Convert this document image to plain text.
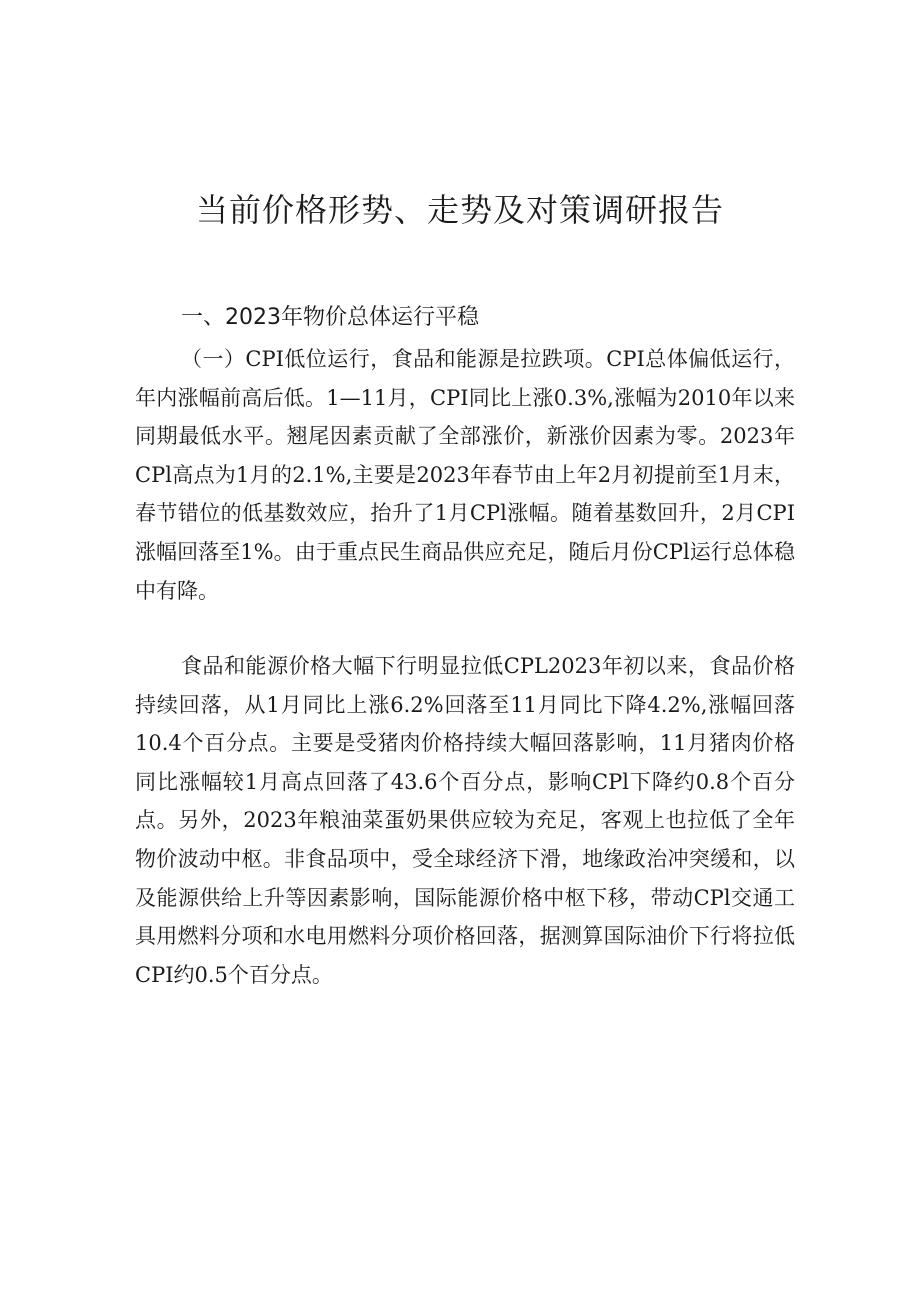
当前价格形势、走势及对策调研报告
一、2023年物价总体运行平稳

（一）CPI低位运行，食品和能源是拉跌项。CPI总体偏低运行，年内涨幅前高后低。1—11月，CPI同比上涨0.3%,涨幅为2010年以来同期最低水平。翘尾因素贡献了全部涨价，新涨价因素为零。2023年CPl高点为1月的2.1%,主要是2023年春节由上年2月初提前至1月末，春节错位的低基数效应，抬升了1月CPl涨幅。随着基数回升，2月CPI涨幅回落至1%。由于重点民生商品供应充足，随后月份CPl运行总体稳中有降。

食品和能源价格大幅下行明显拉低CPL2023年初以来，食品价格持续回落，从1月同比上涨6.2%回落至11月同比下降4.2%,涨幅回落10.4个百分点。主要是受猪肉价格持续大幅回落影响，11月猪肉价格同比涨幅较1月高点回落了43.6个百分点，影响CPl下降约0.8个百分点。另外，2023年粮油菜蛋奶果供应较为充足，客观上也拉低了全年物价波动中枢。非食品项中，受全球经济下滑，地缘政治冲突缓和，以及能源供给上升等因素影响，国际能源价格中枢下移，带动CPl交通工具用燃料分项和水电用燃料分项价格回落，据测算国际油价下行将拉低CPI约0.5个百分点。
